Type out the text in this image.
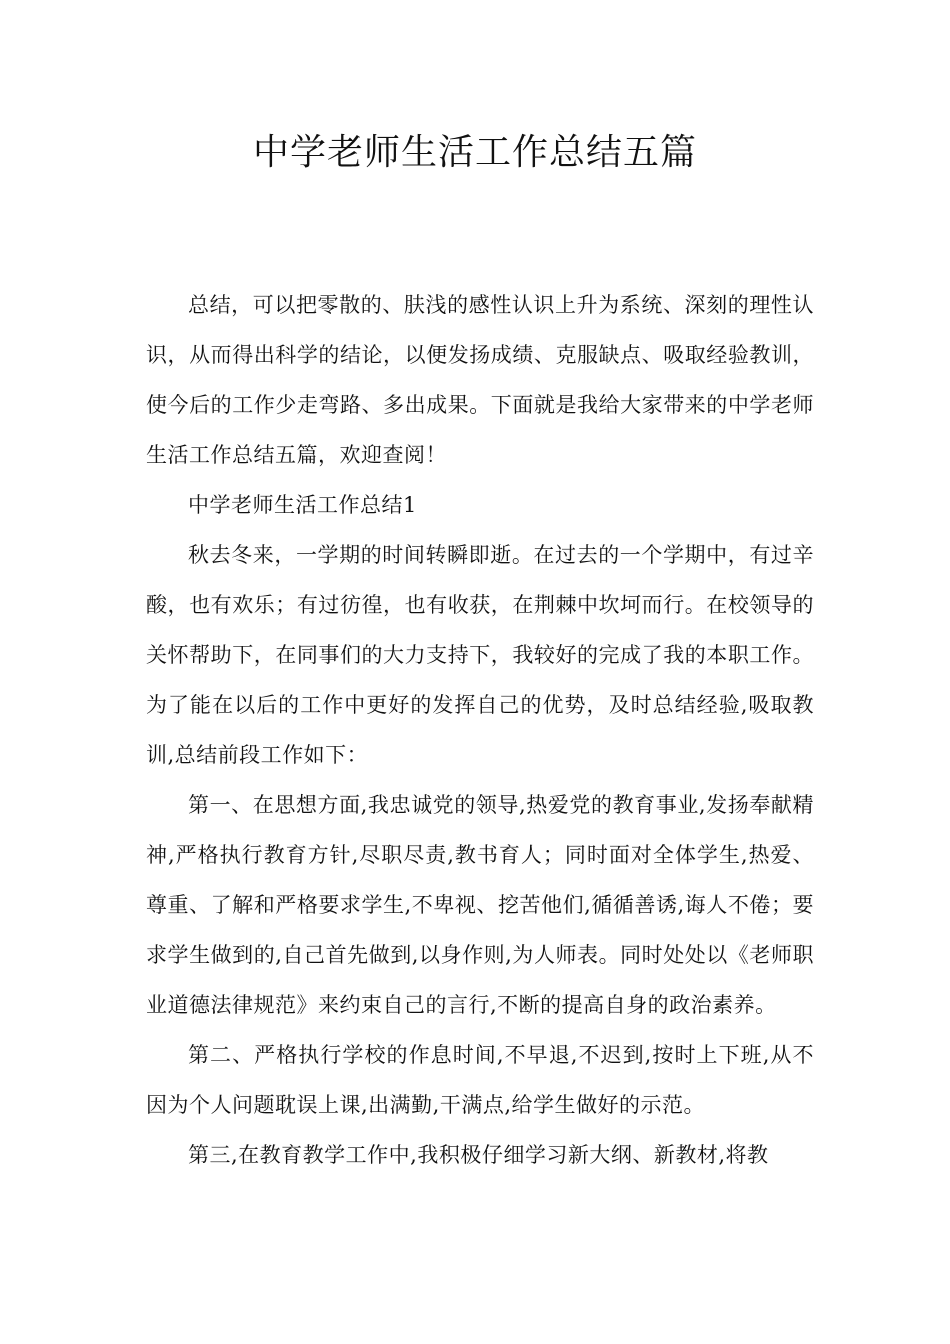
中学老师生活工作总结五篇

总结，可以把零散的、肤浅的感性认识上升为系统、深刻的理性认识，从而得出科学的结论，以便发扬成绩、克服缺点、吸取经验教训，使今后的工作少走弯路、多出成果。下面就是我给大家带来的中学老师生活工作总结五篇，欢迎查阅！

中学老师生活工作总结1

秋去冬来，一学期的时间转瞬即逝。在过去的一个学期中，有过辛酸，也有欢乐；有过彷徨，也有收获，在荆棘中坎坷而行。在校领导的关怀帮助下，在同事们的大力支持下，我较好的完成了我的本职工作。为了能在以后的工作中更好的发挥自己的优势，及时总结经验,吸取教训,总结前段工作如下：

第一、在思想方面,我忠诚党的领导,热爱党的教育事业,发扬奉献精神,严格执行教育方针,尽职尽责,教书育人；同时面对全体学生,热爱、尊重、了解和严格要求学生,不卑视、挖苦他们,循循善诱,诲人不倦；要求学生做到的,自己首先做到,以身作则,为人师表。同时处处以《老师职业道德法律规范》来约束自己的言行,不断的提高自身的政治素养。

第二、严格执行学校的作息时间,不早退,不迟到,按时上下班,从不因为个人问题耽误上课,出满勤,干满点,给学生做好的示范。

第三,在教育教学工作中,我积极仔细学习新大纲、新教材,将教
